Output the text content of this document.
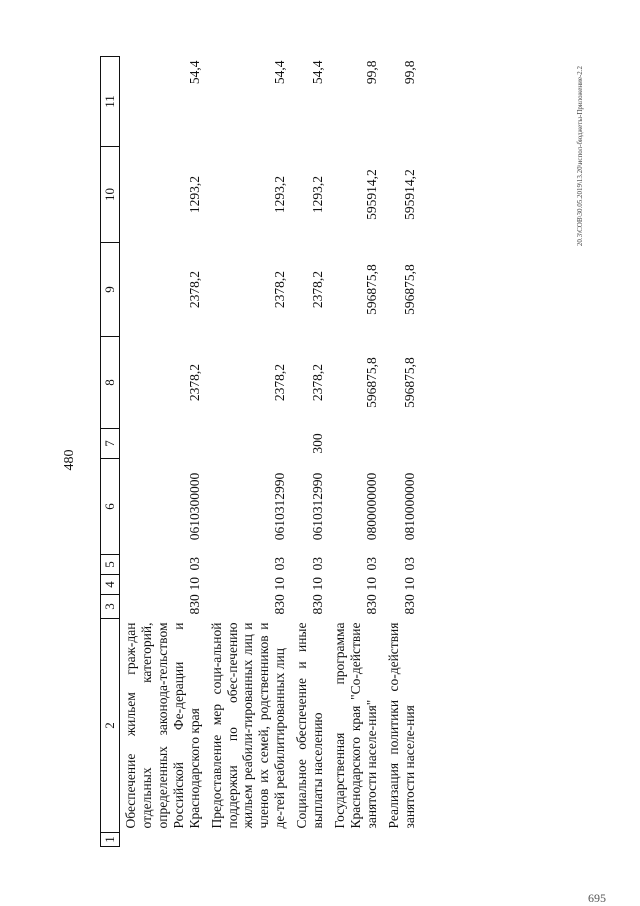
480
20.3\СОВ\30.05.2019\13.20\испол-бюджеты-Приложение-2.2
695
1	2	3	4	5	6	7	8	9	10	11
	Обеспечение жильем граж-дан отдельных категорий, определенных законода-тельством Российской Фе-дерации и Краснодарского края	830	10	03	0610300000		2378,2	2378,2	1293,2	54,4
	Предоставление мер соци-альной поддержки по обес-печению жильем реабили-тированных лиц и членов их семей, родственников и де-тей реабилитированных лиц	830	10	03	0610312990		2378,2	2378,2	1293,2	54,4
	Социальное обеспечение и иные выплаты населению	830	10	03	0610312990	300	2378,2	2378,2	1293,2	54,4
	Государственная программа Краснодарского края "Со-действие занятости населе-ния"	830	10	03	0800000000		596875,8	596875,8	595914,2	99,8
	Реализация политики со-действия занятости населе-ния	830	10	03	0810000000		596875,8	596875,8	595914,2	99,8
